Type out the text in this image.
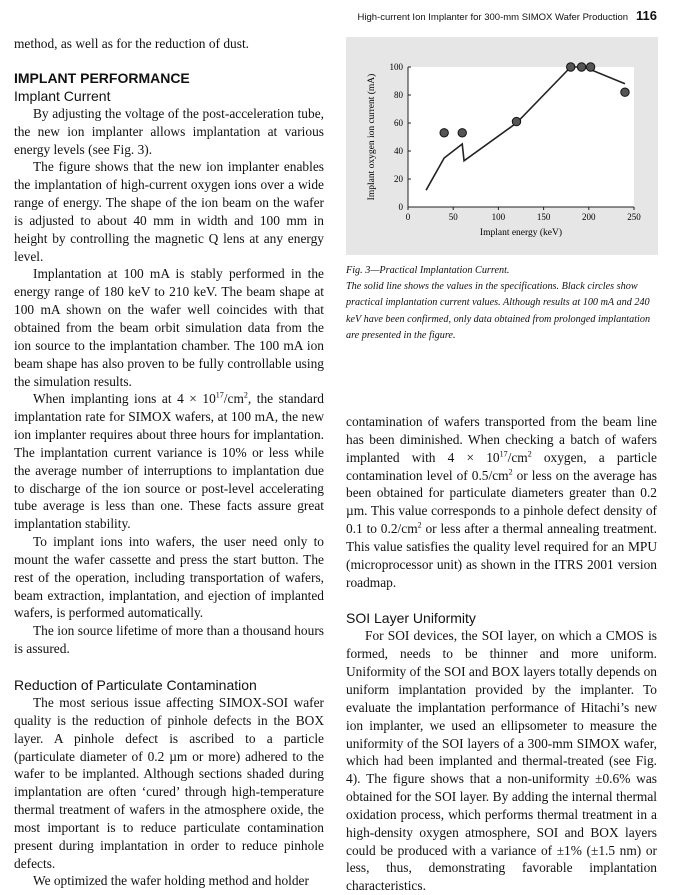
High-current Ion Implanter for 300-mm SIMOX Wafer Production 116

method, as well as for the reduction of dust.

IMPLANT PERFORMANCE
Implant Current

By adjusting the voltage of the post-acceleration tube, the new ion implanter allows implantation at various energy levels (see Fig. 3).

The figure shows that the new ion implanter enables the implantation of high-current oxygen ions over a wide range of energy. The shape of the ion beam on the wafer is adjusted to about 40 mm in width and 100 mm in height by controlling the magnetic Q lens at any energy level.

Implantation at 100 mA is stably performed in the energy range of 180 keV to 210 keV. The beam shape at 100 mA shown on the wafer well coincides with that obtained from the beam orbit simulation data from the ion source to the implantation chamber. The 100 mA ion beam shape has also proven to be fully controllable using the simulation results.

When implanting ions at $4 \times 10^{17}/cm^2$, the standard implantation rate for SIMOX wafers, at 100 mA, the new ion implanter requires about three hours for implantation. The implantation current variance is 10% or less while the average number of interruptions to implantation due to discharge of the ion source or post-level accelerating tube average is less than one. These facts assure great implantation stability.

To implant ions into wafers, the user need only to mount the wafer cassette and press the start button. The rest of the operation, including transportation of wafers, beam extraction, implantation, and ejection of implanted wafers, is performed automatically.

The ion source lifetime of more than a thousand hours is assured.

Reduction of Particulate Contamination

The most serious issue affecting SIMOX-SOI wafer quality is the reduction of pinhole defects in the BOX layer. A pinhole defect is ascribed to a particle (particulate diameter of 0.2 µm or more) adhered to the wafer to be implanted. Although sections shaded during implantation are often ‘cured’ through high-temperature thermal treatment of wafers in the atmosphere oxide, the most important is to reduce particulate contamination present during implantation in order to reduce pinhole defects.

We optimized the wafer holding method and holder

0	50	100	150	200	250
0
20
40
60
80
100
Implant energy (keV)
Implant oxygen ion current (mA)
Fig. 3—Practical Implantation Current.
The solid line shows the values in the specifications. Black circles show practical implantation current values. Although results at 100 mA and 240 keV have been confirmed, only data obtained from prolonged implantation are presented in the figure.

contamination of wafers transported from the beam line has been diminished. When checking a batch of wafers implanted with $4 \times 10^{17}/cm^2$ oxygen, a particle contamination level of $0.5/cm^2$ or less on the average has been obtained for particulate diameters greater than 0.2 µm. This value corresponds to a pinhole defect density of 0.1 to $0.2/cm^2$ or less after a thermal annealing treatment. This value satisfies the quality level required for an MPU (microprocessor unit) as shown in the ITRS 2001 version roadmap.

SOI Layer Uniformity

For SOI devices, the SOI layer, on which a CMOS is formed, needs to be thinner and more uniform. Uniformity of the SOI and BOX layers totally depends on uniform implantation provided by the implanter. To evaluate the implantation performance of Hitachi’s new ion implanter, we used an ellipsometer to measure the uniformity of the SOI layers of a 300-mm SIMOX wafer, which had been implanted and thermal-treated (see Fig. 4). The figure shows that a non-uniformity ±0.6% was obtained for the SOI layer. By adding the internal thermal oxidation process, which performs thermal treatment in a high-density oxygen atmosphere, SOI and BOX layers could be produced with a variance of ±1% (±1.5 nm) or less, thus, demonstrating favorable implantation characteristics.
